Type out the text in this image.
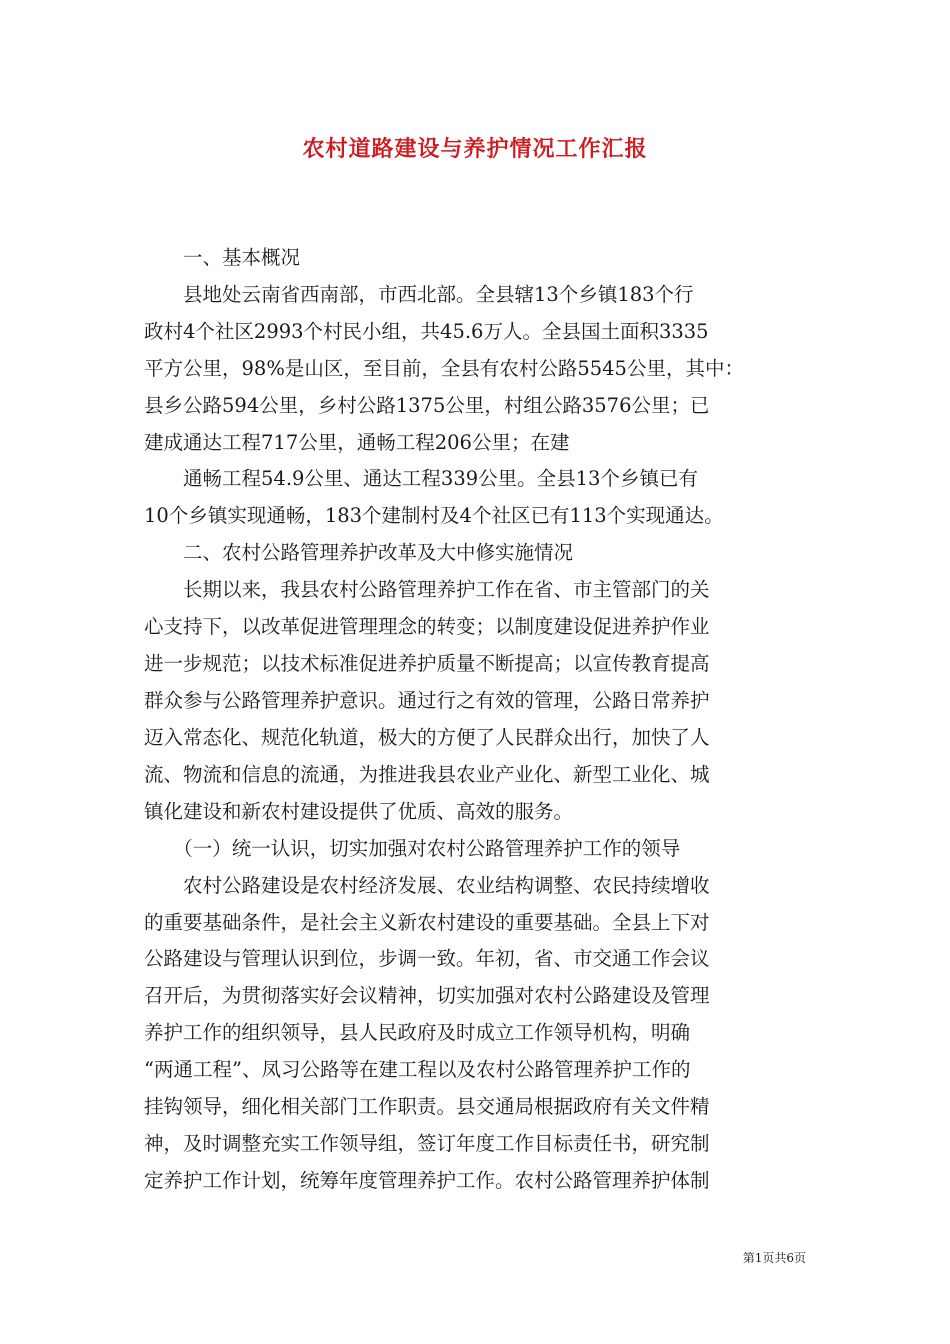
农村道路建设与养护情况工作汇报
　　一、基本概况
　　县地处云南省西南部，市西北部。全县辖13个乡镇183个行
政村4个社区2993个村民小组，共45.6万人。全县国土面积3335
平方公里，98%是山区，至目前，全县有农村公路5545公里，其中：
县乡公路594公里，乡村公路1375公里，村组公路3576公里；已
建成通达工程717公里，通畅工程206公里；在建
　　通畅工程54.9公里、通达工程339公里。全县13个乡镇已有
10个乡镇实现通畅，183个建制村及4个社区已有113个实现通达。
　　二、农村公路管理养护改革及大中修实施情况
　　长期以来，我县农村公路管理养护工作在省、市主管部门的关
心支持下，以改革促进管理理念的转变；以制度建设促进养护作业
进一步规范；以技术标准促进养护质量不断提高；以宣传教育提高
群众参与公路管理养护意识。通过行之有效的管理，公路日常养护
迈入常态化、规范化轨道，极大的方便了人民群众出行，加快了人
流、物流和信息的流通，为推进我县农业产业化、新型工业化、城
镇化建设和新农村建设提供了优质、高效的服务。
　　（一）统一认识，切实加强对农村公路管理养护工作的领导
　　农村公路建设是农村经济发展、农业结构调整、农民持续增收
的重要基础条件，是社会主义新农村建设的重要基础。全县上下对
公路建设与管理认识到位，步调一致。年初，省、市交通工作会议
召开后，为贯彻落实好会议精神，切实加强对农村公路建设及管理
养护工作的组织领导，县人民政府及时成立工作领导机构，明确
“两通工程”、凤习公路等在建工程以及农村公路管理养护工作的
挂钩领导，细化相关部门工作职责。县交通局根据政府有关文件精
神，及时调整充实工作领导组，签订年度工作目标责任书，研究制
定养护工作计划，统筹年度管理养护工作。农村公路管理养护体制
第1页共6页
